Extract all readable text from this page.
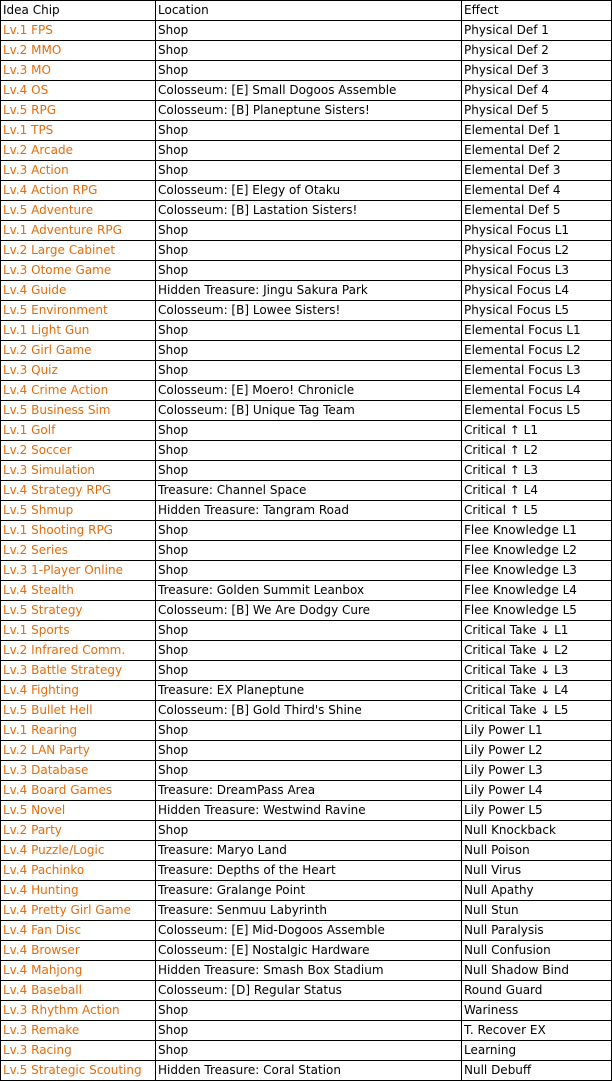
Idea Chip	Location	Effect
Lv.1 FPS	Shop	Physical Def 1
Lv.2 MMO	Shop	Physical Def 2
Lv.3 MO	Shop	Physical Def 3
Lv.4 OS	Colosseum: [E] Small Dogoos Assemble	Physical Def 4
Lv.5 RPG	Colosseum: [B] Planeptune Sisters!	Physical Def 5
Lv.1 TPS	Shop	Elemental Def 1
Lv.2 Arcade	Shop	Elemental Def 2
Lv.3 Action	Shop	Elemental Def 3
Lv.4 Action RPG	Colosseum: [E] Elegy of Otaku	Elemental Def 4
Lv.5 Adventure	Colosseum: [B] Lastation Sisters!	Elemental Def 5
Lv.1 Adventure RPG	Shop	Physical Focus L1
Lv.2 Large Cabinet	Shop	Physical Focus L2
Lv.3 Otome Game	Shop	Physical Focus L3
Lv.4 Guide	Hidden Treasure: Jingu Sakura Park	Physical Focus L4
Lv.5 Environment	Colosseum: [B] Lowee Sisters!	Physical Focus L5
Lv.1 Light Gun	Shop	Elemental Focus L1
Lv.2 Girl Game	Shop	Elemental Focus L2
Lv.3 Quiz	Shop	Elemental Focus L3
Lv.4 Crime Action	Colosseum: [E] Moero! Chronicle	Elemental Focus L4
Lv.5 Business Sim	Colosseum: [B] Unique Tag Team	Elemental Focus L5
Lv.1 Golf	Shop	Critical ↑ L1
Lv.2 Soccer	Shop	Critical ↑ L2
Lv.3 Simulation	Shop	Critical ↑ L3
Lv.4 Strategy RPG	Treasure: Channel Space	Critical ↑ L4
Lv.5 Shmup	Hidden Treasure: Tangram Road	Critical ↑ L5
Lv.1 Shooting RPG	Shop	Flee Knowledge L1
Lv.2 Series	Shop	Flee Knowledge L2
Lv.3 1-Player Online	Shop	Flee Knowledge L3
Lv.4 Stealth	Treasure: Golden Summit Leanbox	Flee Knowledge L4
Lv.5 Strategy	Colosseum: [B] We Are Dodgy Cure	Flee Knowledge L5
Lv.1 Sports	Shop	Critical Take ↓ L1
Lv.2 Infrared Comm.	Shop	Critical Take ↓ L2
Lv.3 Battle Strategy	Shop	Critical Take ↓ L3
Lv.4 Fighting	Treasure: EX Planeptune	Critical Take ↓ L4
Lv.5 Bullet Hell	Colosseum: [B] Gold Third's Shine	Critical Take ↓ L5
Lv.1 Rearing	Shop	Lily Power L1
Lv.2 LAN Party	Shop	Lily Power L2
Lv.3 Database	Shop	Lily Power L3
Lv.4 Board Games	Treasure: DreamPass Area	Lily Power L4
Lv.5 Novel	Hidden Treasure: Westwind Ravine	Lily Power L5
Lv.2 Party	Shop	Null Knockback
Lv.4 Puzzle/Logic	Treasure: Maryo Land	Null Poison
Lv.4 Pachinko	Treasure: Depths of the Heart	Null Virus
Lv.4 Hunting	Treasure: Gralange Point	Null Apathy
Lv.4 Pretty Girl Game	Treasure: Senmuu Labyrinth	Null Stun
Lv.4 Fan Disc	Colosseum: [E] Mid-Dogoos Assemble	Null Paralysis
Lv.4 Browser	Colosseum: [E] Nostalgic Hardware	Null Confusion
Lv.4 Mahjong	Hidden Treasure: Smash Box Stadium	Null Shadow Bind
Lv.4 Baseball	Colosseum: [D] Regular Status	Round Guard
Lv.3 Rhythm Action	Shop	Wariness
Lv.3 Remake	Shop	T. Recover EX
Lv.3 Racing	Shop	Learning
Lv.5 Strategic Scouting	Hidden Treasure: Coral Station	Null Debuff
